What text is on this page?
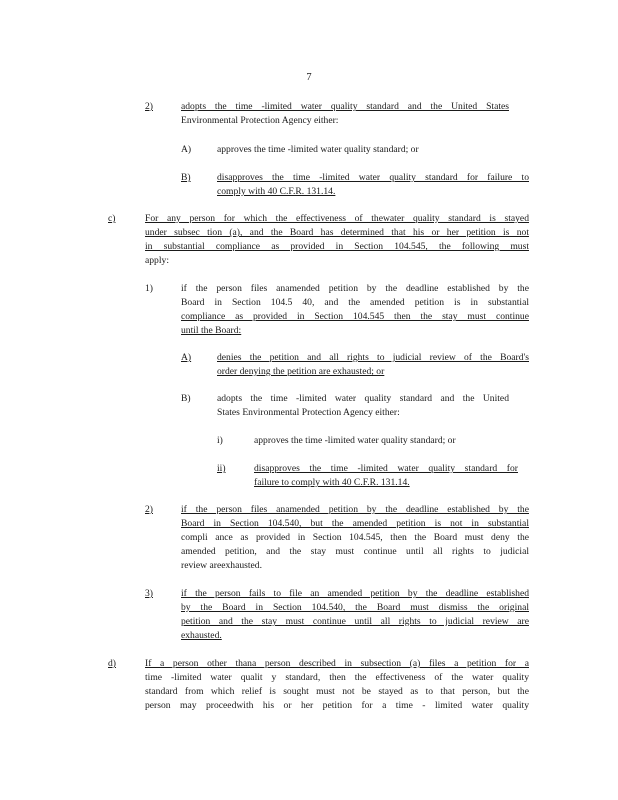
7
2)	adopts the time -limited water quality standard and the United States
Environmental Protection Agency either:
A)	approves the time -limited water quality standard; or
B)	disapproves the time -limited water quality standard for failure to
comply with 40 C.F.R. 131.14.
c)	For any person for which the effectiveness of thewater quality standard is stayed
under subsec tion (a), and the Board has determined that his or her petition is not
in substantial compliance as provided in Section 104.545, the following must
apply:
1)	if the person files anamended petition by the deadline established by the
Board in Section 104.5 40, and the amended petition is in substantial
compliance as provided in Section 104.545 then the stay must continue
until the Board:
A)	denies the petition and all rights to judicial review of the Board's
order denying the petition are exhausted; or
B)	adopts the time -limited water quality standard and the United
States Environmental Protection Agency either:
i)	approves the time -limited water quality standard; or
ii)	disapproves the time -limited water quality standard for
failure to comply with 40 C.F.R. 131.14.
2)	if the person files anamended petition by the deadline established by the
Board in Section 104.540, but the amended petition is not in substantial
compli ance as provided in Section 104.545, then the Board must deny the
amended petition, and the stay must continue until all rights to judicial
review areexhausted.
3)	if the person fails to file an amended petition by the deadline established
by the Board in Section 104.540, the Board must dismiss the original
petition and the stay must continue until all rights to judicial review are
exhausted.
d)	If a person other thana person described in subsection (a) files a petition for a
time -limited water qualit y standard, then the effectiveness of the water quality
standard from which relief is sought must not be stayed as to that person, but the
person may proceedwith his or her petition for a time - limited water quality
